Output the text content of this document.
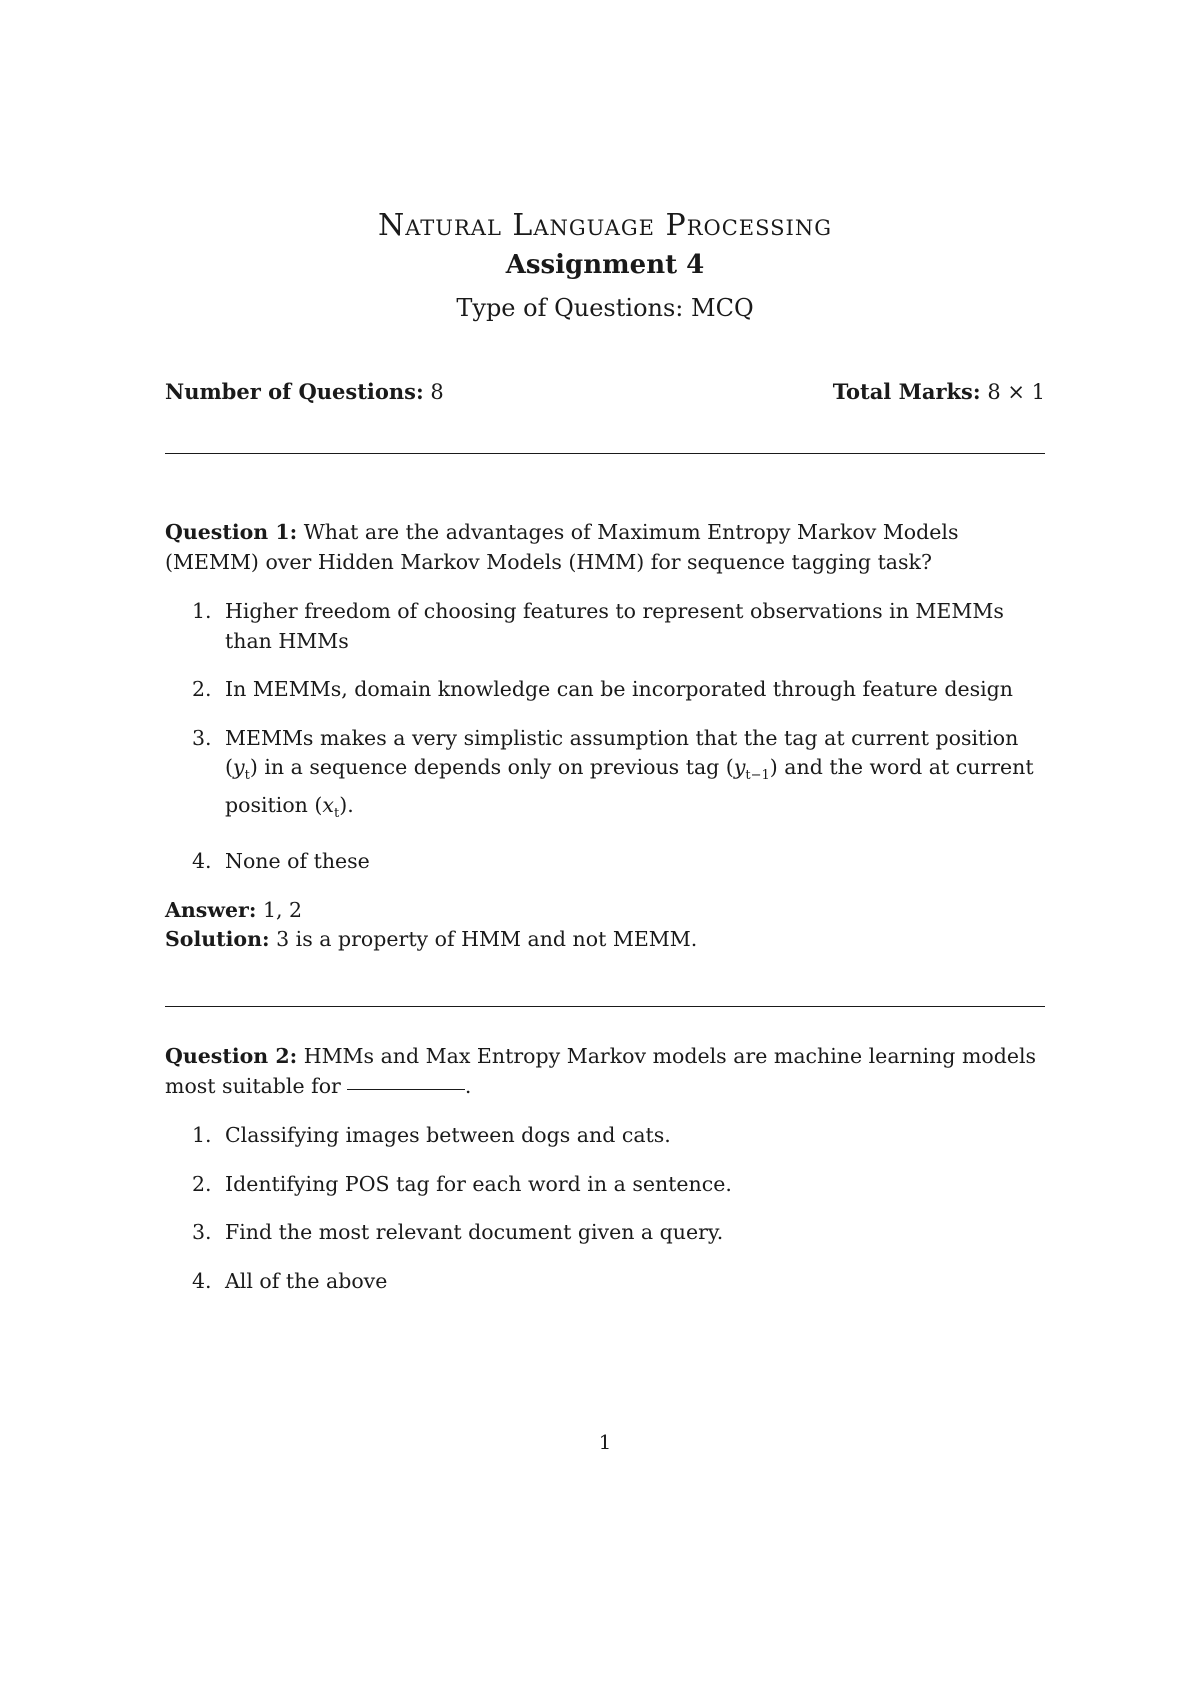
Natural Language Processing
Assignment 4

Type of Questions: MCQ

Number of Questions: 8	Total Marks: 8 × 1

Question 1: What are the advantages of Maximum Entropy Markov Models (MEMM) over Hidden Markov Models (HMM) for sequence tagging task?

1. Higher freedom of choosing features to represent observations in MEMMs than HMMs
2. In MEMMs, domain knowledge can be incorporated through feature design
3. MEMMs makes a very simplistic assumption that the tag at current position $(y_t)$ in a sequence depends only on previous tag $(y_{t-1})$ and the word at current position $(x_t)$.
4. None of these

Answer: 1, 2

Solution: 3 is a property of HMM and not MEMM.

Question 2: HMMs and Max Entropy Markov models are machine learning models most suitable for	.

1. Classifying images between dogs and cats.
2. Identifying POS tag for each word in a sentence.
3. Find the most relevant document given a query.
4. All of the above
1
